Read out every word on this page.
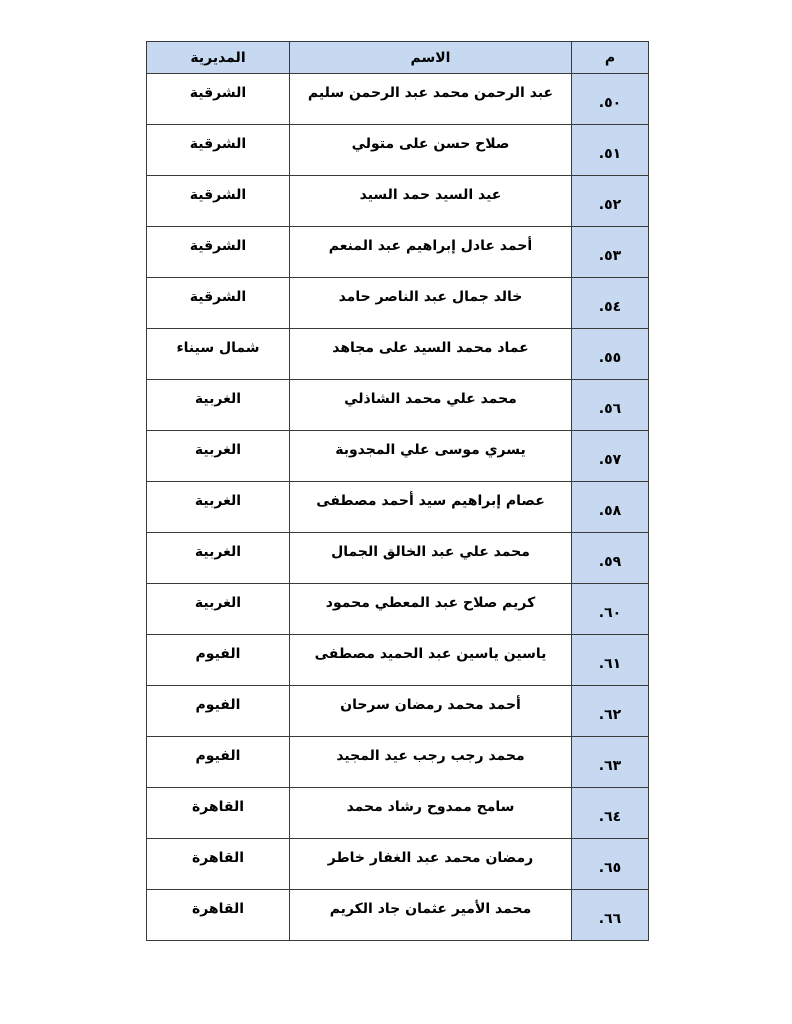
المديرية	الاسم	م
الشرقية	عبد الرحمن محمد عبد الرحمن سليم	.٥٠
الشرقية	صلاح حسن على متولي	.٥١
الشرقية	عيد السيد حمد السيد	.٥٢
الشرقية	أحمد عادل إبراهيم عبد المنعم	.٥٣
الشرقية	خالد جمال عبد الناصر حامد	.٥٤
شمال سيناء	عماد محمد السيد على مجاهد	.٥٥
الغربية	محمد علي محمد الشاذلي	.٥٦
الغربية	يسري موسى علي المجدوبة	.٥٧
الغربية	عصام إبراهيم سيد أحمد مصطفى	.٥٨
الغربية	محمد علي عبد الخالق الجمال	.٥٩
الغربية	كريم صلاح عبد المعطي محمود	.٦٠
الفيوم	ياسين ياسين عبد الحميد مصطفى	.٦١
الفيوم	أحمد محمد رمضان سرحان	.٦٢
الفيوم	محمد رجب رجب عيد المجيد	.٦٣
القاهرة	سامح ممدوح رشاد محمد	.٦٤
القاهرة	رمضان محمد عبد الغفار خاطر	.٦٥
القاهرة	محمد الأمير عثمان جاد الكريم	.٦٦
